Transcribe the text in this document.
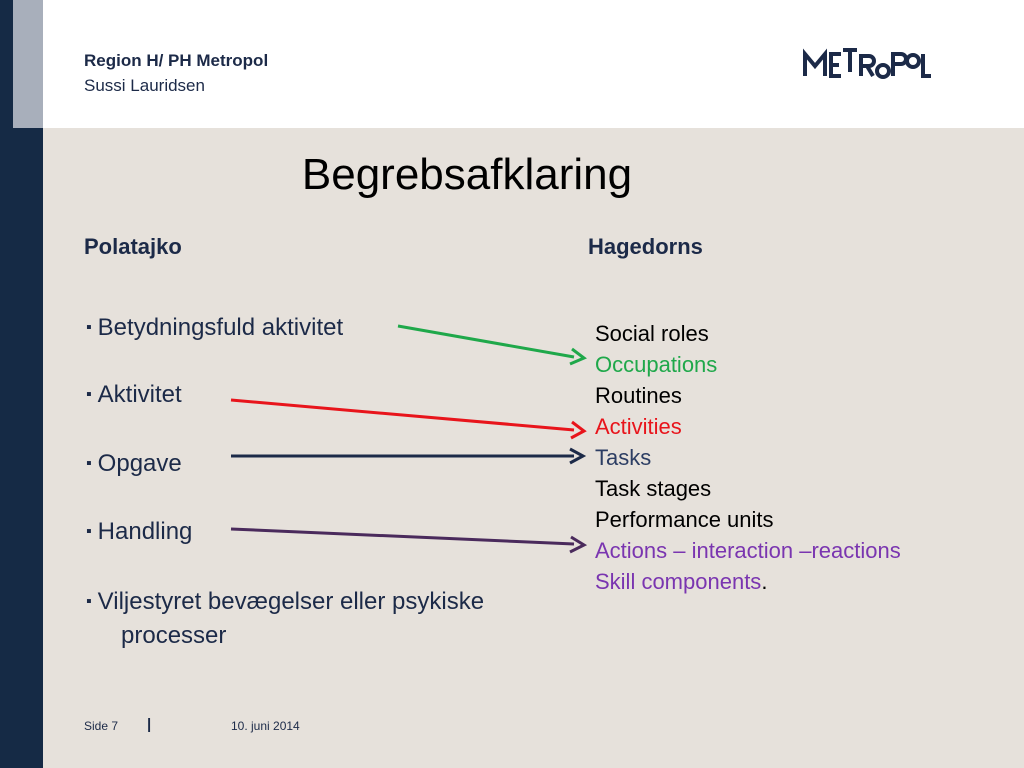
Region H/ PH Metropol
Sussi Lauridsen
Begrebsafklaring
Polatajko	Hagedorns
▪ Betydningsfuld aktivitet
▪ Aktivitet
▪ Opgave
▪ Handling
▪ Viljestyret bevægelser eller psykiske
processer
Social roles
Occupations
Routines
Activities
Tasks
Task stages
Performance units
Actions – interaction –reactions
Skill components.
Side 7 |	10. juni 2014
